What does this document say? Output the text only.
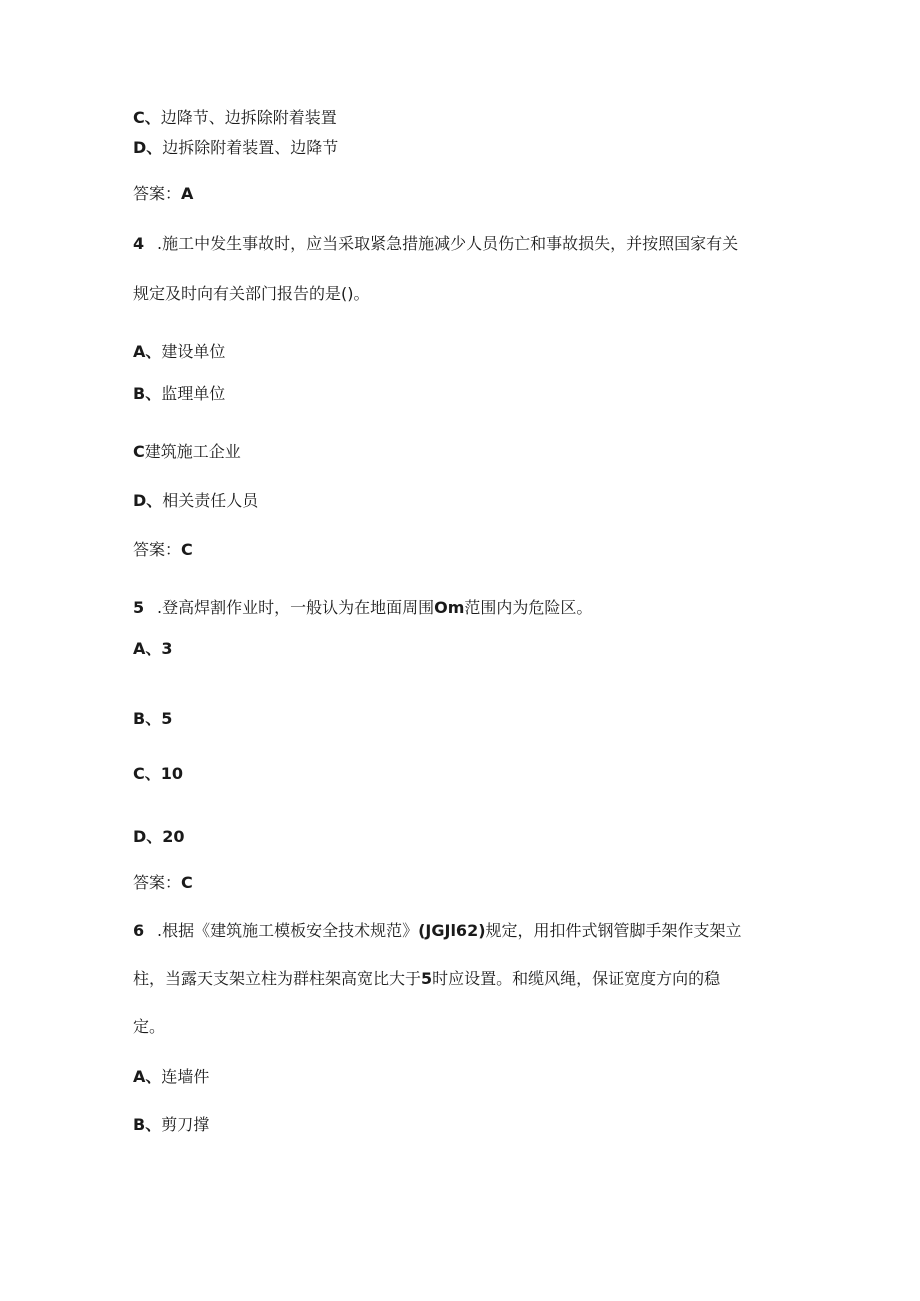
C、边降节、边拆除附着装置
D、边拆除附着装置、边降节
答案：A
4 .施工中发生事故时，应当采取紧急措施减少人员伤亡和事故损失，并按照国家有关
规定及时向有关部门报告的是()。
A、建设单位
B、监理单位
C建筑施工企业
D、相关责任人员
答案：C
5 .登高焊割作业时，一般认为在地面周围Om范围内为危险区。
A、3
B、5
C、10
D、20
答案：C
6 .根据《建筑施工模板安全技术规范》(JGJl62)规定，用扣件式钢管脚手架作支架立
柱，当露天支架立柱为群柱架高宽比大于5时应设置。和缆风绳，保证宽度方向的稳
定。
A、连墙件
B、剪刀撑
